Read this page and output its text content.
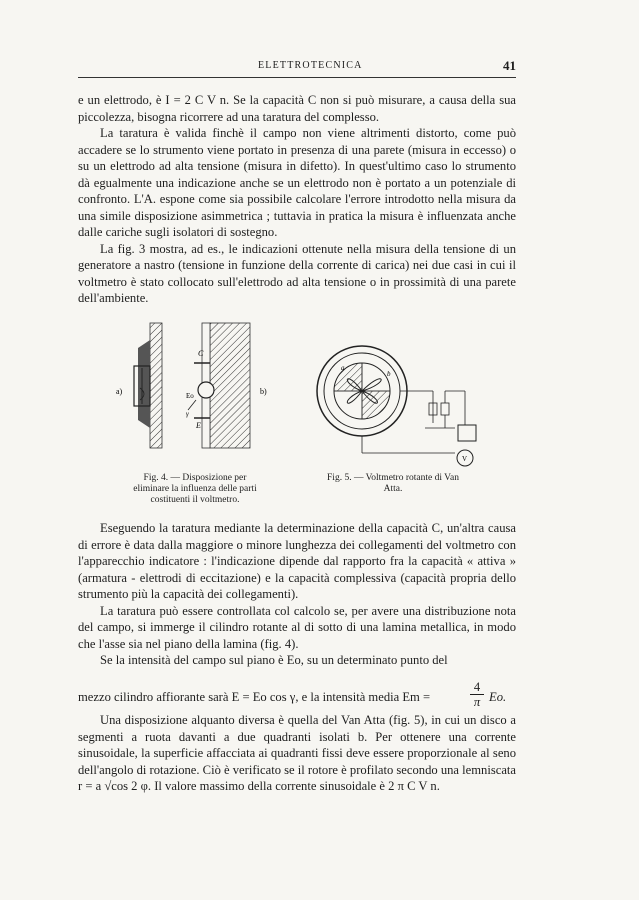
ELETTROTECNICA	41

e un elettrodo, è I = 2 C V n. Se la capacità C non si può misurare, a causa della sua piccolezza, bisogna ricorrere ad una taratura del complesso.

La taratura è valida finchè il campo non viene altrimenti distorto, come può accadere se lo strumento viene portato in presenza di una parete (misura in eccesso) o su un elettrodo ad alta tensione (misura in difetto). In quest'ultimo caso lo strumento dà egualmente una indicazione anche se un elettrodo non è portato a un potenziale di confronto. L'A. espone come sia possibile calcolare l'errore introdotto nella misura da una simile disposizione asimmetrica ; tuttavia in pratica la misura è influenzata anche dalle cariche sugli isolatori di sostegno.

La fig. 3 mostra, ad es., le indicazioni ottenute nella misura della tensione di un generatore a nastro (tensione in funzione della corrente di carica) nei due casi in cui il voltmetro è stato collocato sull'elettrodo ad alta tensione o in prossimità di una parete dell'ambiente.

a)	b)
C
E
Eo
γ
a
b
V
Fig. 4. — Disposizione per eliminare la influenza delle parti costituenti il voltmetro.
Fig. 5. — Voltmetro rotante di Van Atta.

Eseguendo la taratura mediante la determinazione della capacità C, un'altra causa di errore è data dalla maggiore o minore lunghezza dei collegamenti del voltmetro con l'apparecchio indicatore : l'indicazione dipende dal rapporto fra la capacità « attiva » (armatura - elettrodi di eccitazione) e la capacità complessiva (capacità propria dello strumento più la capacità dei collegamenti).

La taratura può essere controllata col calcolo se, per avere una distribuzione nota del campo, si immerge il cilindro rotante al di sotto di una lamina metallica, in modo che l'asse sia nel piano della lamina (fig. 4).

Se la intensità del campo sul piano è Eo, su un determinato punto del

mezzo cilindro affiorante sarà E = Eo cos γ, e la intensità media Em =	$\frac{4}{\pi} Eo$.

Una disposizione alquanto diversa è quella del Van Atta (fig. 5), in cui un disco a segmenti a ruota davanti a due quadranti isolati b. Per ottenere una corrente sinusoidale, la superficie affacciata ai quadranti fissi deve essere proporzionale al seno dell'angolo di rotazione. Ciò è verificato se il rotore è profilato secondo una lemniscata r = a √cos 2 φ. Il valore massimo della corrente sinusoidale è 2 π C V n.
